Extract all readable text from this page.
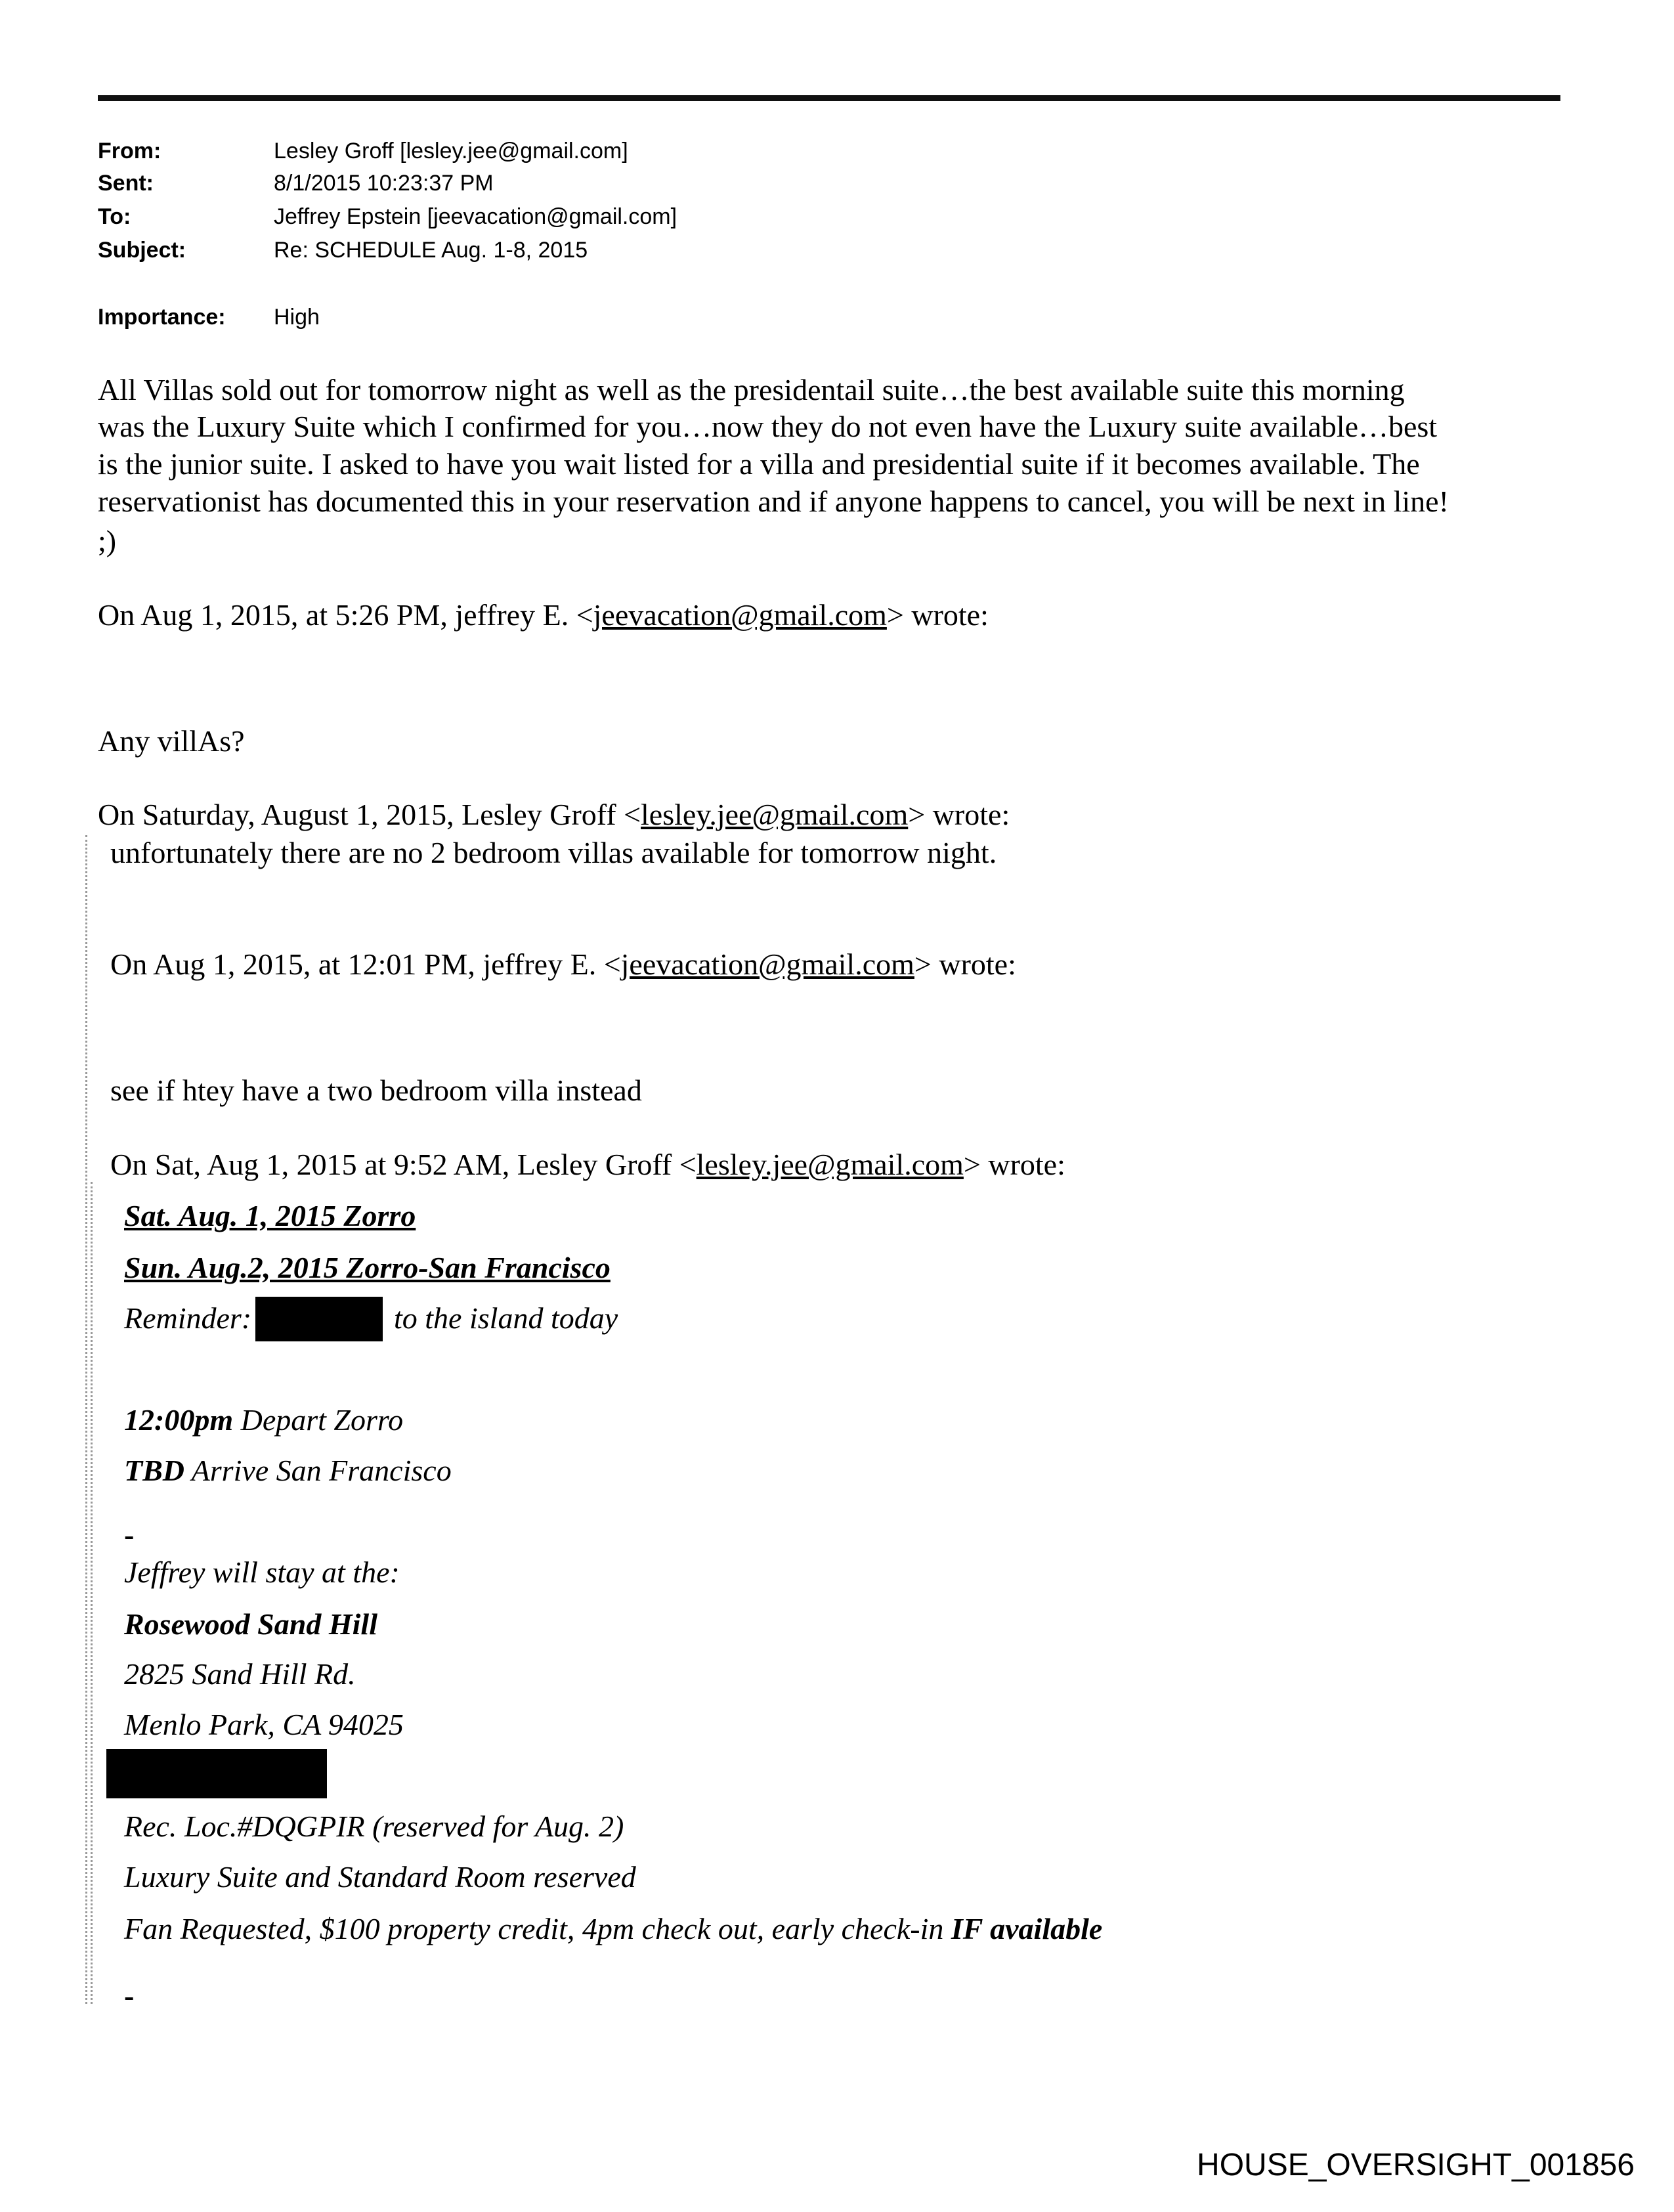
From:	Lesley Groff [lesley.jee@gmail.com]
Sent:	8/1/2015 10:23:37 PM
To:	Jeffrey Epstein [jeevacation@gmail.com]
Subject:	Re: SCHEDULE Aug. 1-8, 2015
Importance: High
All Villas sold out for tomorrow night as well as the presidentail suite…the best available suite this morning
was the Luxury Suite which I confirmed for you…now they do not even have the Luxury suite available…best
is the junior suite. I asked to have you wait listed for a villa and presidential suite if it becomes available. The
reservationist has documented this in your reservation and if anyone happens to cancel, you will be next in line!
;)
On Aug 1, 2015, at 5:26 PM, jeffrey E. <jeevacation@gmail.com> wrote:
Any villAs?
On Saturday, August 1, 2015, Lesley Groff <lesley.jee@gmail.com> wrote:
unfortunately there are no 2 bedroom villas available for tomorrow night.
On Aug 1, 2015, at 12:01 PM, jeffrey E. <jeevacation@gmail.com> wrote:
see if htey have a two bedroom villa instead
On Sat, Aug 1, 2015 at 9:52 AM, Lesley Groff <lesley.jee@gmail.com> wrote:
Sat. Aug. 1, 2015 Zorro
Sun. Aug.2, 2015 Zorro-San Francisco
Reminder:	to the island today
12:00pm Depart Zorro
TBD Arrive San Francisco
-
Jeffrey will stay at the:
Rosewood Sand Hill
2825 Sand Hill Rd.
Menlo Park, CA 94025
Rec. Loc.#DQGPIR (reserved for Aug. 2)
Luxury Suite and Standard Room reserved
Fan Requested, $100 property credit, 4pm check out, early check-in IF available
-
HOUSE_OVERSIGHT_001856
